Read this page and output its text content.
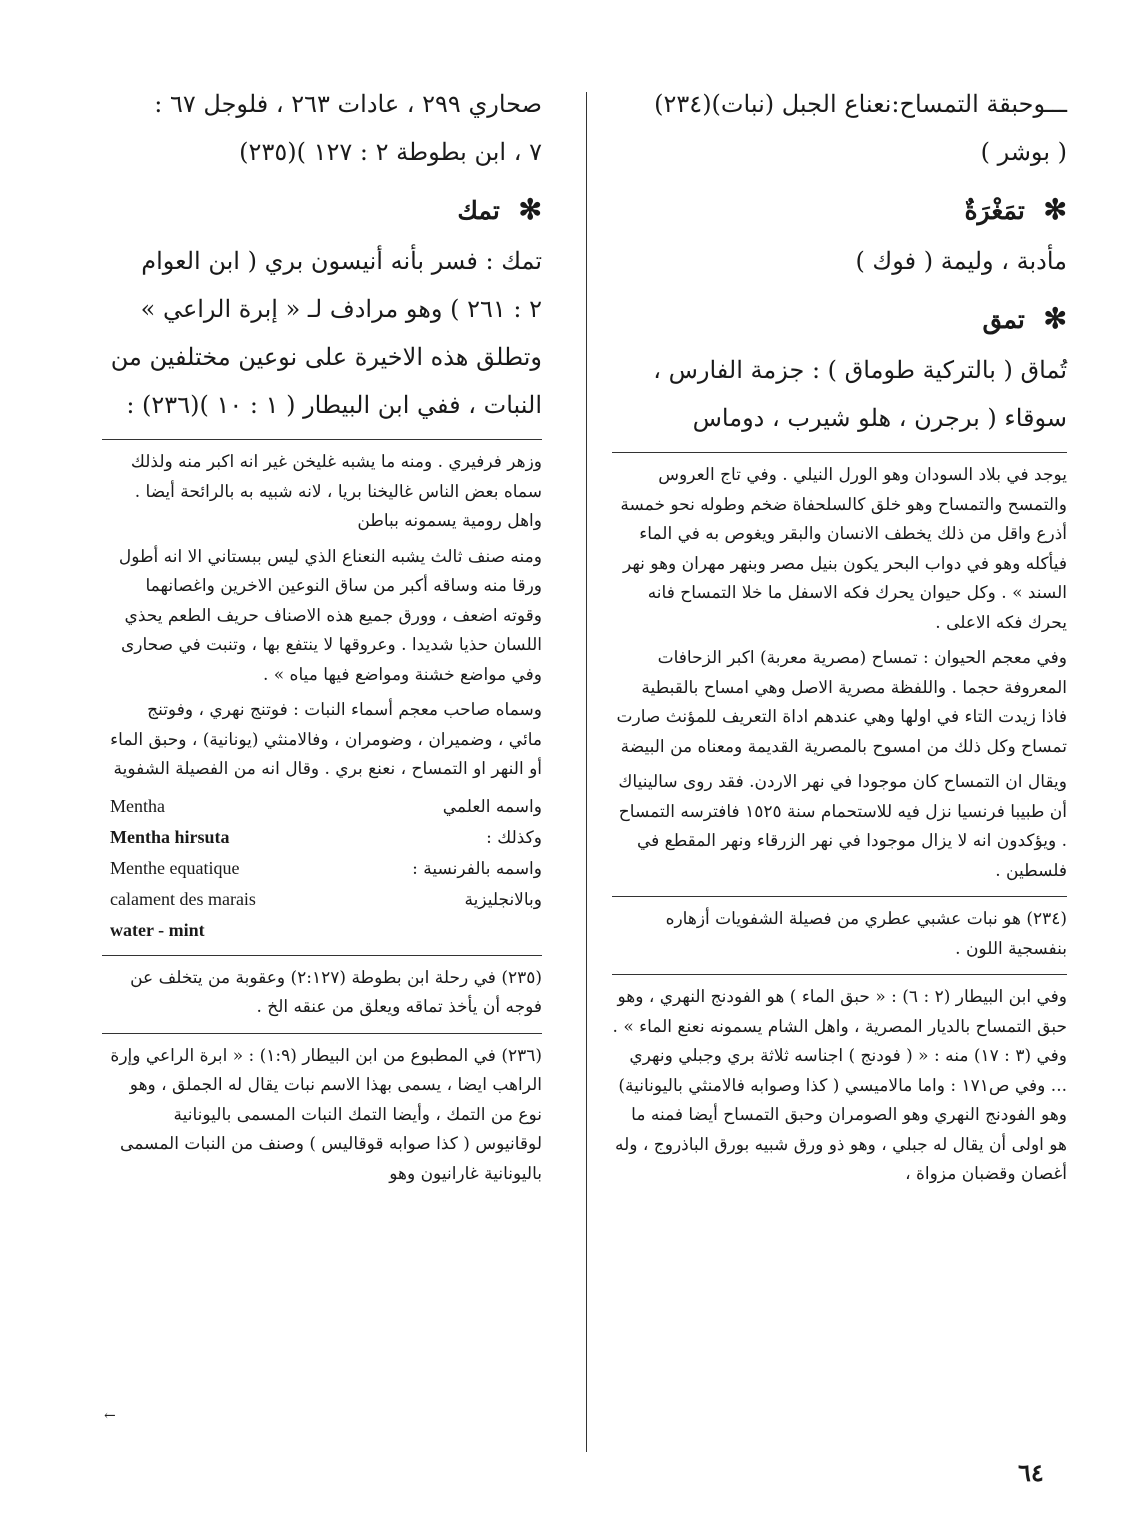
ـــوحبقة التمساح:نعناع الجبل (نبات)(٢٣٤)

( بوشر )

✻ تمَغْرَةٌ

مأدبة ، وليمة ( فوك )

✻ تمق

تُماق ( بالتركية طوماق ) : جزمة الفارس ،

سوقاء ( برجرن ، هلو شيرب ، دوماس

يوجد في بلاد السودان وهو الورل النيلي . وفي تاج العروس والتمسح والتمساح وهو خلق كالسلحفاة ضخم وطوله نحو خمسة أذرع واقل من ذلك يخطف الانسان والبقر ويغوص به في الماء فيأكله وهو في دواب البحر يكون بنيل مصر وبنهر مهران وهو نهر السند » . وكل حيوان يحرك فكه الاسفل ما خلا التمساح فانه يحرك فكه الاعلى .

وفي معجم الحيوان : تمساح (مصرية معربة) اكبر الزحافات المعروفة حجما . واللفظة مصرية الاصل وهي امساح بالقبطية فاذا زيدت التاء في اولها وهي عندهم اداة التعريف للمؤنث صارت تمساح وكل ذلك من امسوح بالمصرية القديمة ومعناه من البيضة

ويقال ان التمساح كان موجودا في نهر الاردن. فقد روى سالينياك أن طبيبا فرنسيا نزل فيه للاستحمام سنة ١٥٢٥ فافترسه التمساح . ويؤكدون انه لا يزال موجودا في نهر الزرقاء ونهر المقطع في فلسطين .

(٢٣٤) هو نبات عشبي عطري من فصيلة الشفويات أزهاره بنفسجية اللون .

وفي ابن البيطار (٢ : ٦) : « حبق الماء ) هو الفودنج النهري ، وهو حبق التمساح بالديار المصرية ، واهل الشام يسمونه نعنع الماء » . وفي (٣ : ١٧) منه : « ( فودنج ) اجناسه ثلاثة بري وجبلي ونهري ... وفي ص١٧١ : واما مالاميسي ( كذا وصوابه فالامنثي باليونانية) وهو الفودنج النهري وهو الصومران وحبق التمساح أيضا فمنه ما هو اولى أن يقال له جبلي ، وهو ذو ورق شبيه بورق الباذروج ، وله أغصان وقضبان مزواة ،

صحاري ٢٩٩ ، عادات ٢٦٣ ، فلوجل ٦٧ :

٧ ، ابن بطوطة ٢ : ١٢٧ )(٢٣٥)

✻ تمك

تمك : فسر بأنه أنيسون بري ( ابن العوام

٢ : ٢٦١ ) وهو مرادف لـ « إبرة الراعي »

وتطلق هذه الاخيرة على نوعين مختلفين من

النبات ، ففي ابن البيطار ( ١ : ١٠ )(٢٣٦) :

وزهر فرفيري . ومنه ما يشبه غليخن غير انه اكبر منه ولذلك سماه بعض الناس غاليخنا بريا ، لانه شبيه به بالرائحة أيضا . واهل رومية يسمونه بباطن

ومنه صنف ثالث يشبه النعناع الذي ليس ببستاني الا انه أطول ورقا منه وساقه أكبر من ساق النوعين الاخرين واغصانهما وقوته اضعف ، وورق جميع هذه الاصناف حريف الطعم يحذي اللسان حذيا شديدا . وعروقها لا ينتفع بها ، وتنبت في صحارى وفي مواضع خشنة ومواضع فيها مياه » .

وسماه صاحب معجم أسماء النبات : فوتنج نهري ، وفوتنج مائي ، وضميران ، وضومران ، وفالامنثي (يونانية) ، وحبق الماء أو النهر او التمساح ، نعنع بري . وقال انه من الفصيلة الشفوية

واسمه العلمي
Mentha
وكذلك :
Mentha hirsuta
واسمه بالفرنسية :
Menthe equatique
وبالانجليزية
calament des marais
water - mint

(٢٣٥) في رحلة ابن بطوطة (٢:١٢٧) وعقوبة من يتخلف عن فوجه أن يأخذ تماقه ويعلق من عنقه الخ .

(٢٣٦) في المطبوع من ابن البيطار (١:٩) : « ابرة الراعي وإرة الراهب ايضا ، يسمى بهذا الاسم نبات يقال له الجملق ، وهو نوع من التمك ، وأيضا التمك النبات المسمى باليونانية لوقانيوس ( كذا صوابه قوقاليس ) وصنف من النبات المسمى باليونانية غارانيون وهو

←
٦٤
